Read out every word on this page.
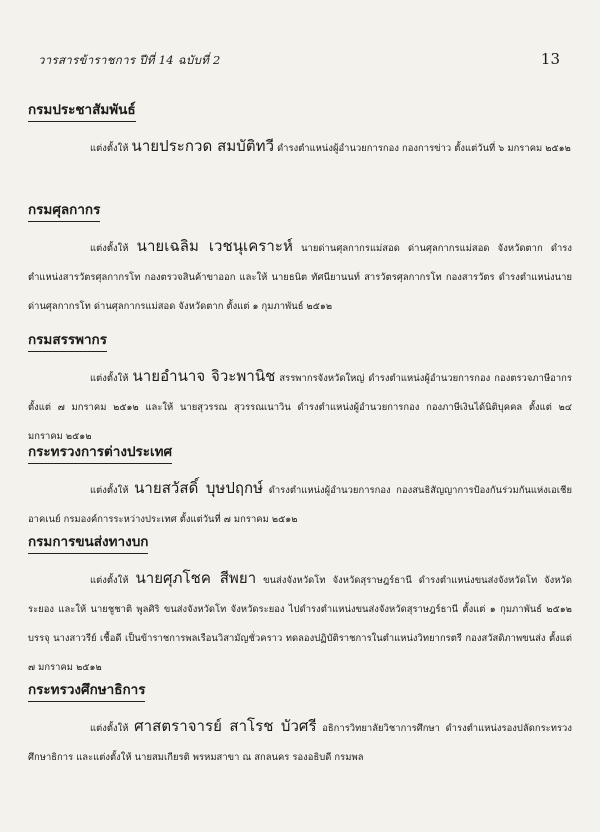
วารสารข้าราชการ ปีที่ 14 ฉบับที่ 2	13
กรมประชาสัมพันธ์
แต่งตั้งให้ นายประกวด สมบัติทวี ดำรงตำแหน่งผู้อำนวยการกอง กองการข่าว ตั้งแต่วันที่ ๖ มกราคม ๒๕๑๒
กรมศุลกากร
แต่งตั้งให้ นายเฉลิม เวชนุเคราะห์ นายด่านศุลกากรแม่สอด ด่านศุลกากรแม่สอด จังหวัดตาก ดำรงตำแหน่งสารวัตรศุลกากรโท กองตรวจสินค้าขาออก และให้ นายธนิต ทัศนียานนท์ สารวัตรศุลกากรโท กองสารวัตร ดำรงตำแหน่งนายด่านศุลกากรโท ด่านศุลกากรแม่สอด จังหวัดตาก ตั้งแต่ ๑ กุมภาพันธ์ ๒๕๑๒
กรมสรรพากร
แต่งตั้งให้ นายอำนาจ จิวะพานิช สรรพากรจังหวัดใหญ่ ดำรงตำแหน่งผู้อำนวยการกอง กองตรวจภาษีอากร ตั้งแต่ ๗ มกราคม ๒๕๑๒ และให้ นายสุวรรณ สุวรรณเนาวิน ดำรงตำแหน่งผู้อำนวยการกอง กองภาษีเงินได้นิติบุคคล ตั้งแต่ ๒๔ มกราคม ๒๕๑๒
กระทรวงการต่างประเทศ
แต่งตั้งให้ นายสวัสดิ์ บุษปฤกษ์ ดำรงตำแหน่งผู้อำนวยการกอง กองสนธิสัญญาการป้องกันร่วมกันแห่งเอเชียอาคเนย์ กรมองค์การระหว่างประเทศ ตั้งแต่วันที่ ๗ มกราคม ๒๕๑๒
กรมการขนส่งทางบก
แต่งตั้งให้ นายศุภโชค สีพยา ขนส่งจังหวัดโท จังหวัดสุราษฎร์ธานี ดำรงตำแหน่งขนส่งจังหวัดโท จังหวัดระยอง และให้ นายชูชาติ พูลศิริ ขนส่งจังหวัดโท จังหวัดระยอง ไปดำรงตำแหน่งขนส่งจังหวัดสุราษฎร์ธานี ตั้งแต่ ๑ กุมภาพันธ์ ๒๕๑๒ บรรจุ นางสาวรีย์ เชื้อดี เป็นข้าราชการพลเรือนวิสามัญชั่วคราว ทดลองปฏิบัติราชการในตำแหน่งวิทยากรตรี กองสวัสดิภาพขนส่ง ตั้งแต่ ๗ มกราคม ๒๕๑๒
กระทรวงศึกษาธิการ
แต่งตั้งให้ ศาสตราจารย์ สาโรช บัวศรี อธิการวิทยาลัยวิชาการศึกษา ดำรงตำแหน่งรองปลัดกระทรวงศึกษาธิการ และแต่งตั้งให้ นายสมเกียรติ พรหมสาขา ณ สกลนคร รองอธิบดี กรมพล
